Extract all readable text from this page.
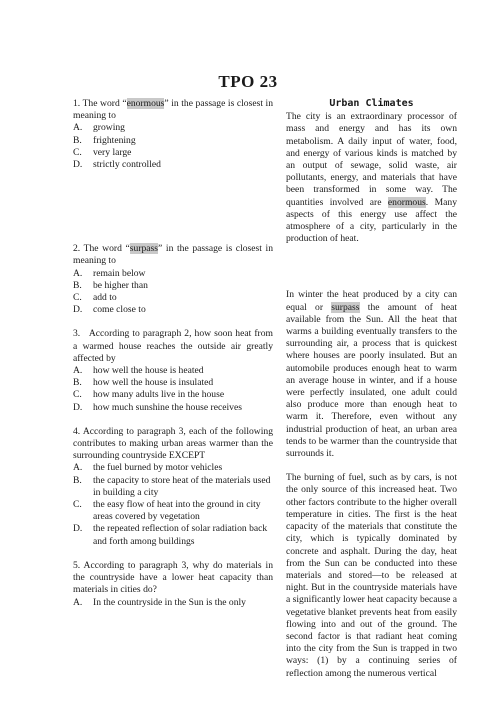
TPO 23

1. The word “enormous” in the passage is closest in meaning to

A.	growing
B.	frightening
C.	very large
D.	strictly controlled

2. The word “surpass” in the passage is closest in meaning to

A.	remain below
B.	be higher than
C.	add to
D.	come close to

3.   According to paragraph 2, how soon heat from a warmed house reaches the outside air greatly affected by

A.	how well the house is heated
B.	how well the house is insulated
C.	how many adults live in the house
D.	how much sunshine the house receives

4. According to paragraph 3, each of the following contributes to making urban areas warmer than the surrounding countryside EXCEPT

A.	the fuel burned by motor vehicles
B.	the capacity to store heat of the materials used in building a city
C.	the easy flow of heat into the ground in city areas covered by vegetation
D.	the repeated reflection of solar radiation back and forth among buildings

5. According to paragraph 3, why do materials in the countryside have a lower heat capacity than materials in cities do?

A.	In the countryside in the Sun is the only

Urban Climates

The city is an extraordinary processor of mass and energy and has its own metabolism. A daily input of water, food, and energy of various kinds is matched by an output of sewage, solid waste, air pollutants, energy, and materials that have been transformed in some way. The quantities involved are enormous. Many aspects of this energy use affect the atmosphere of a city, particularly in the production of heat.

In winter the heat produced by a city can equal or surpass the amount of heat available from the Sun. All the heat that warms a building eventually transfers to the surrounding air, a process that is quickest where houses are poorly insulated. But an automobile produces enough heat to warm an average house in winter, and if a house were perfectly insulated, one adult could also produce more than enough heat to warm it. Therefore, even without any industrial production of heat, an urban area tends to be warmer than the countryside that surrounds it.

The burning of fuel, such as by cars, is not the only source of this increased heat. Two other factors contribute to the higher overall temperature in cities. The first is the heat capacity of the materials that constitute the city, which is typically dominated by concrete and asphalt. During the day, heat from the Sun can be conducted into these materials and stored—to be released at night. But in the countryside materials have a significantly lower heat capacity because a vegetative blanket prevents heat from easily flowing into and out of the ground. The second factor is that radiant heat coming into the city from the Sun is trapped in two ways: (1) by a continuing series of reflection among the numerous vertical
